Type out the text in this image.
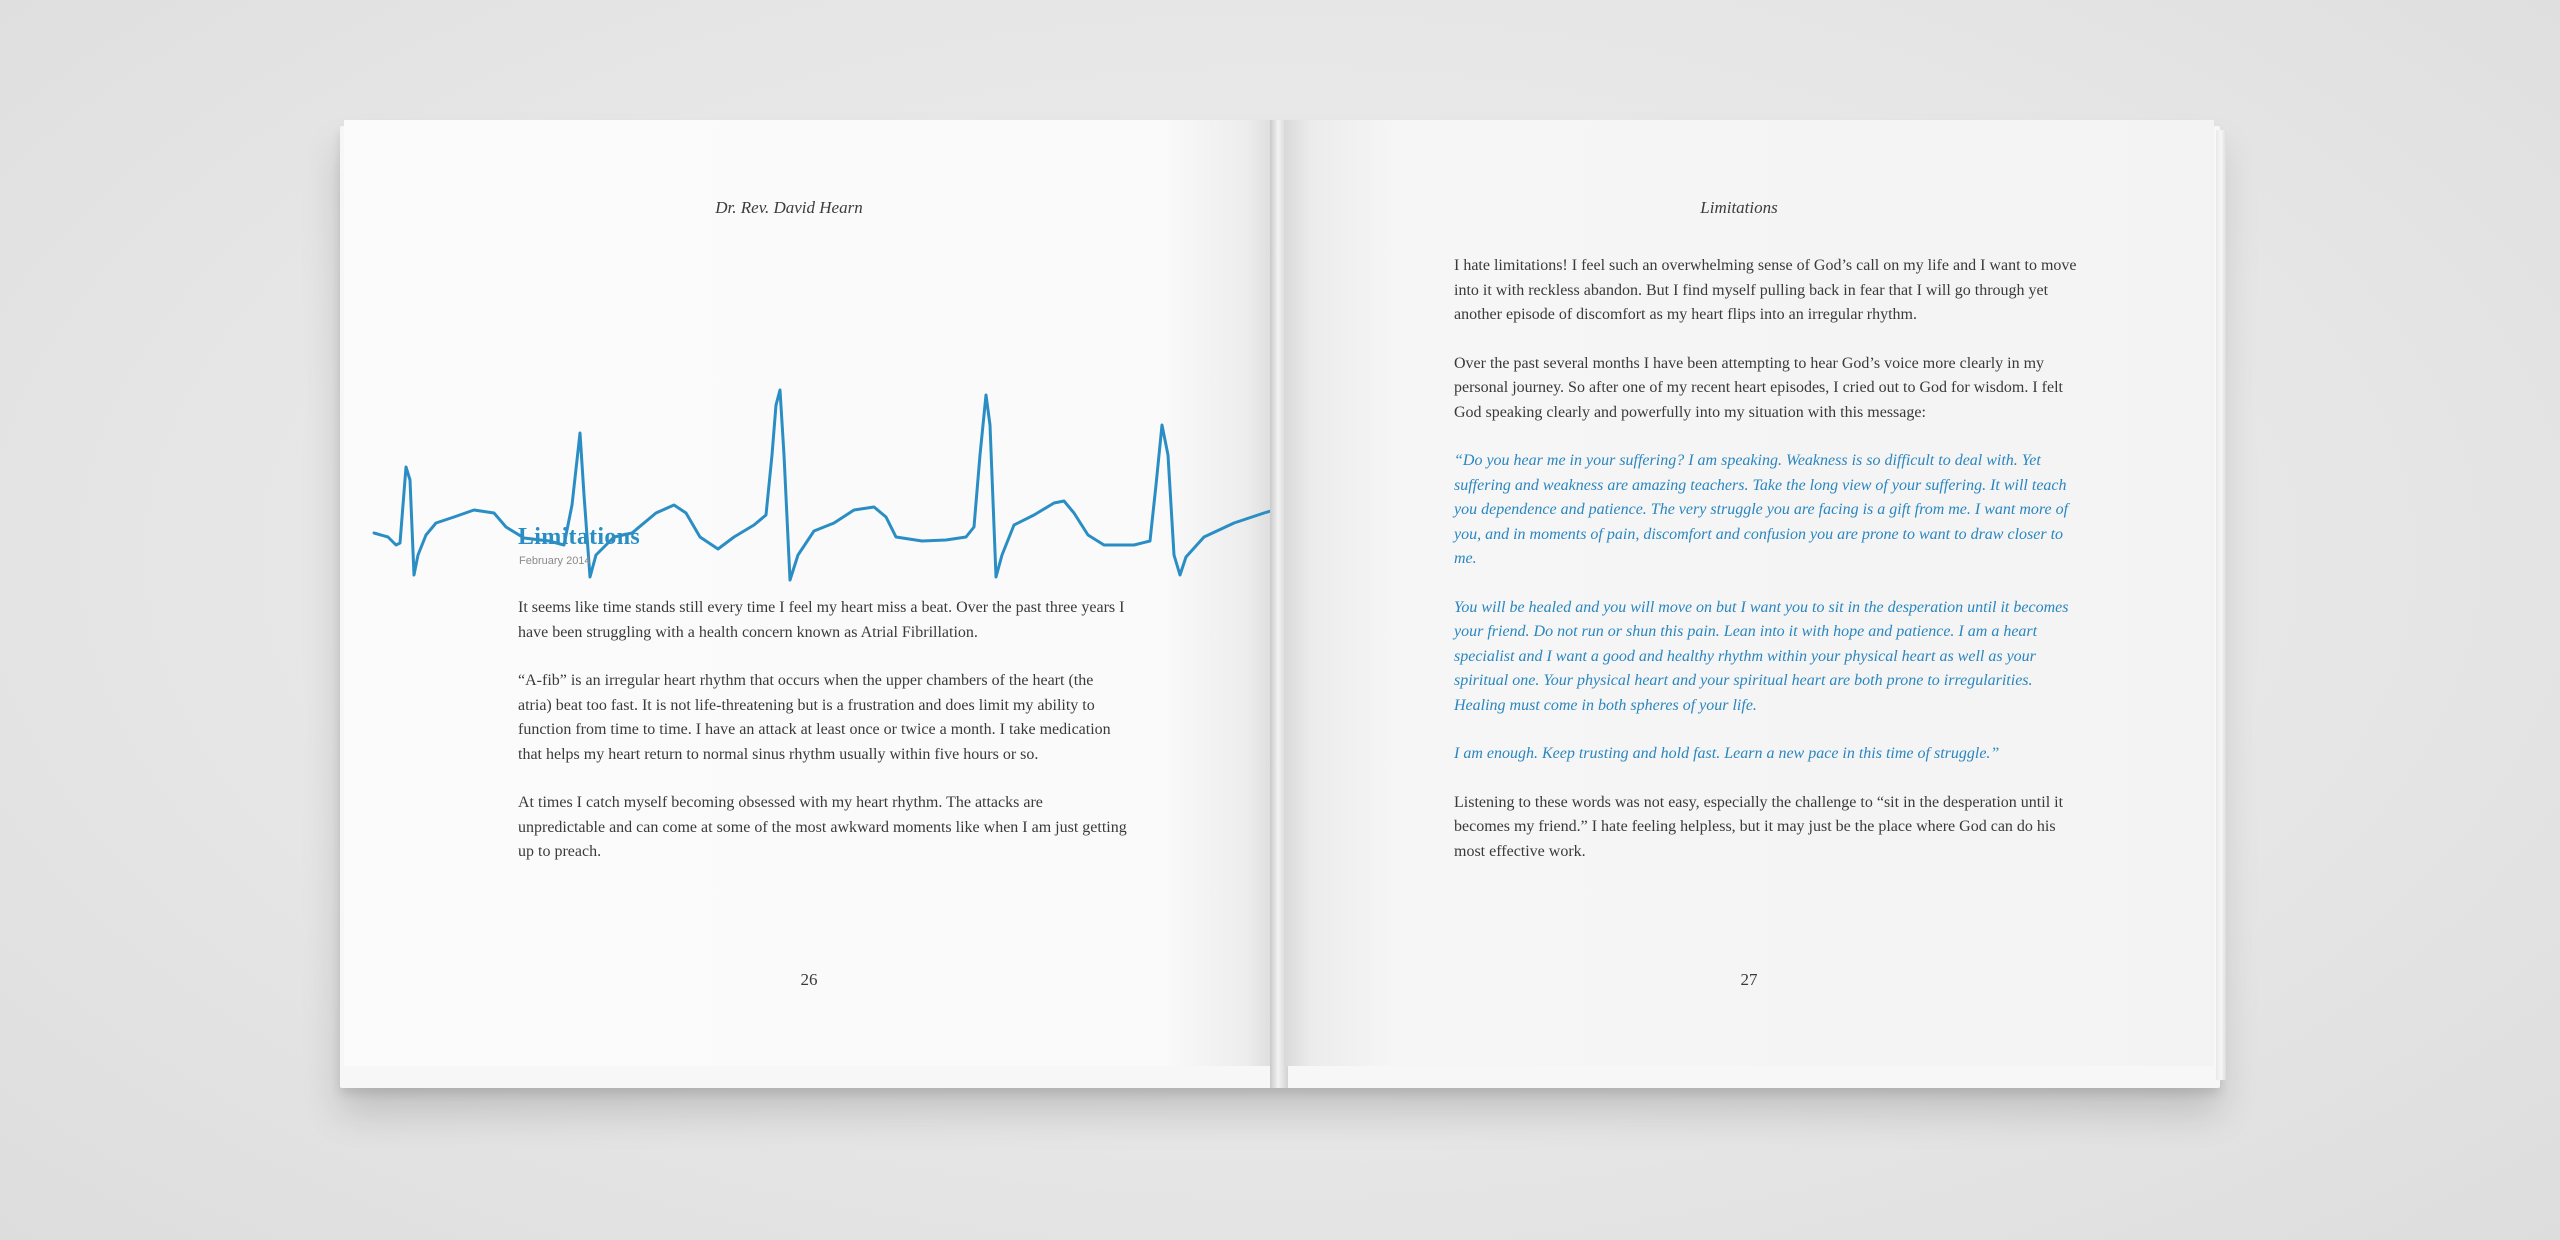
Dr. Rev. David Hearn
Limitations
February 2014

It seems like time stands still every time I feel my heart miss a beat. Over the past three years I have been struggling with a health concern known as Atrial Fibrillation.

“A-fib” is an irregular heart rhythm that occurs when the upper chambers of the heart (the atria) beat too fast. It is not life-threatening but is a frustration and does limit my ability to function from time to time. I have an attack at least once or twice a month. I take medication that helps my heart return to normal sinus rhythm usually within five hours or so.

At times I catch myself becoming obsessed with my heart rhythm. The attacks are unpredictable and can come at some of the most awkward moments like when I am just getting up to preach.

26
Limitations

I hate limitations! I feel such an overwhelming sense of God’s call on my life and I want to move into it with reckless abandon. But I find myself pulling back in fear that I will go through yet another episode of discomfort as my heart flips into an irregular rhythm.

Over the past several months I have been attempting to hear God’s voice more clearly in my personal journey. So after one of my recent heart episodes, I cried out to God for wisdom. I felt God speaking clearly and powerfully into my situation with this message:

“Do you hear me in your suffering? I am speaking. Weakness is so difficult to deal with. Yet suffering and weakness are amazing teachers. Take the long view of your suffering. It will teach you dependence and patience. The very struggle you are facing is a gift from me. I want more of you, and in moments of pain, discomfort and confusion you are prone to want to draw closer to me.

You will be healed and you will move on but I want you to sit in the desperation until it becomes your friend. Do not run or shun this pain. Lean into it with hope and patience. I am a heart specialist and I want a good and healthy rhythm within your physical heart as well as your spiritual one. Your physical heart and your spiritual heart are both prone to irregularities. Healing must come in both spheres of your life.

I am enough. Keep trusting and hold fast. Learn a new pace in this time of struggle.”

Listening to these words was not easy, especially the challenge to “sit in the desperation until it becomes my friend.” I hate feeling helpless, but it may just be the place where God can do his most effective work.

27
